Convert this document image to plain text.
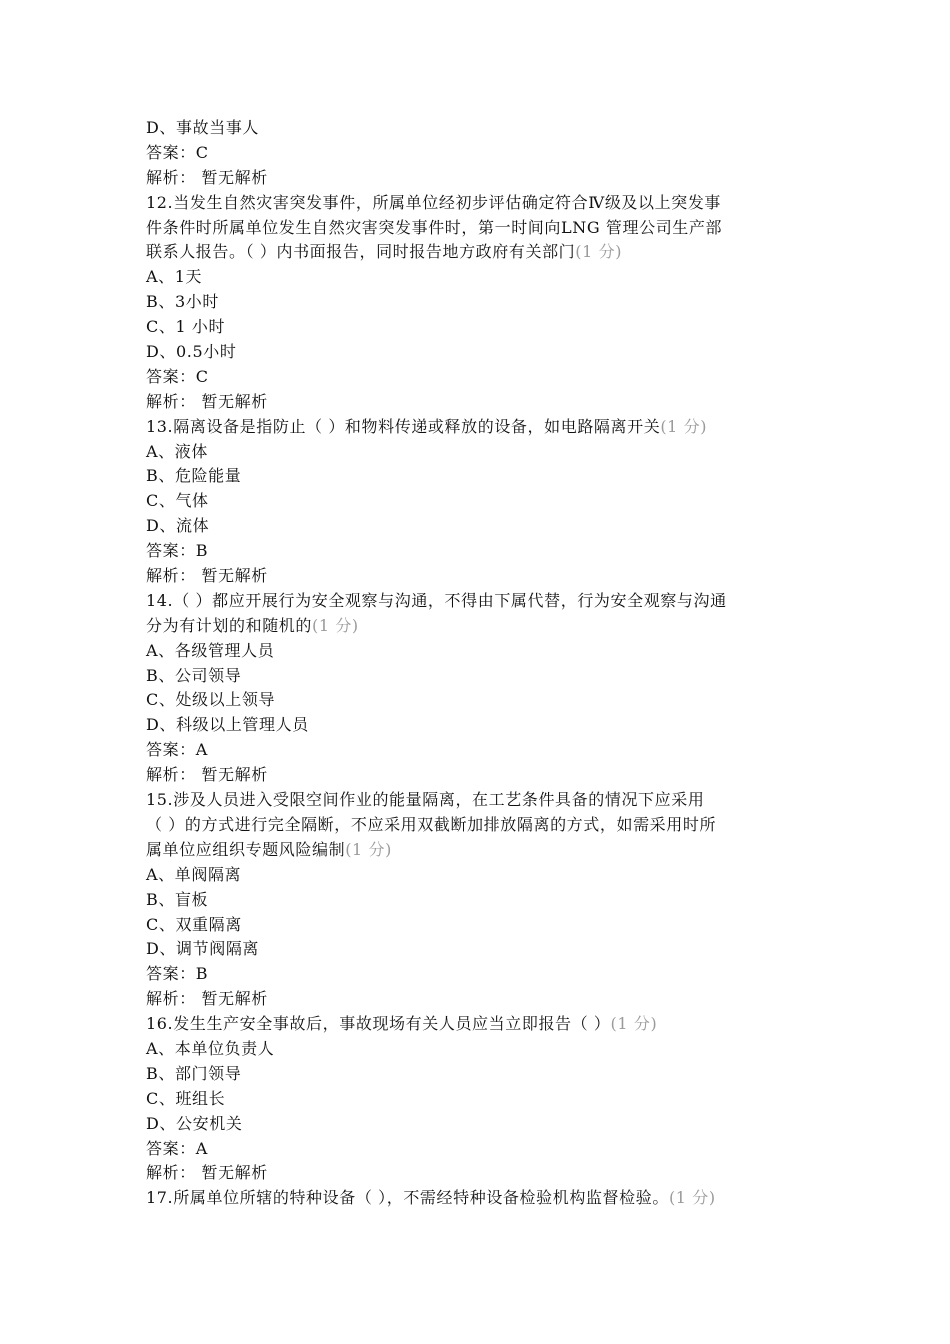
D、事故当事人
答案：C
解析： 暂无解析
12.当发生自然灾害突发事件，所属单位经初步评估确定符合Ⅳ级及以上突发事
件条件时所属单位发生自然灾害突发事件时，第一时间向LNG 管理公司生产部
联系人报告。（ ）内书面报告，同时报告地方政府有关部门(1 分)
A、1天
B、3小时
C、1 小时
D、0.5小时
答案：C
解析： 暂无解析
13.隔离设备是指防止（ ）和物料传递或释放的设备，如电路隔离开关(1 分)
A、液体
B、危险能量
C、气体
D、流体
答案：B
解析： 暂无解析
14.（ ）都应开展行为安全观察与沟通，不得由下属代替，行为安全观察与沟通
分为有计划的和随机的(1 分)
A、各级管理人员
B、公司领导
C、处级以上领导
D、科级以上管理人员
答案：A
解析： 暂无解析
15.涉及人员进入受限空间作业的能量隔离，在工艺条件具备的情况下应采用
（ ）的方式进行完全隔断，不应采用双截断加排放隔离的方式，如需采用时所
属单位应组织专题风险编制(1 分)
A、单阀隔离
B、盲板
C、双重隔离
D、调节阀隔离
答案：B
解析： 暂无解析
16.发生生产安全事故后，事故现场有关人员应当立即报告（ ）(1 分)
A、本单位负责人
B、部门领导
C、班组长
D、公安机关
答案：A
解析： 暂无解析
17.所属单位所辖的特种设备（ ），不需经特种设备检验机构监督检验。(1 分)
